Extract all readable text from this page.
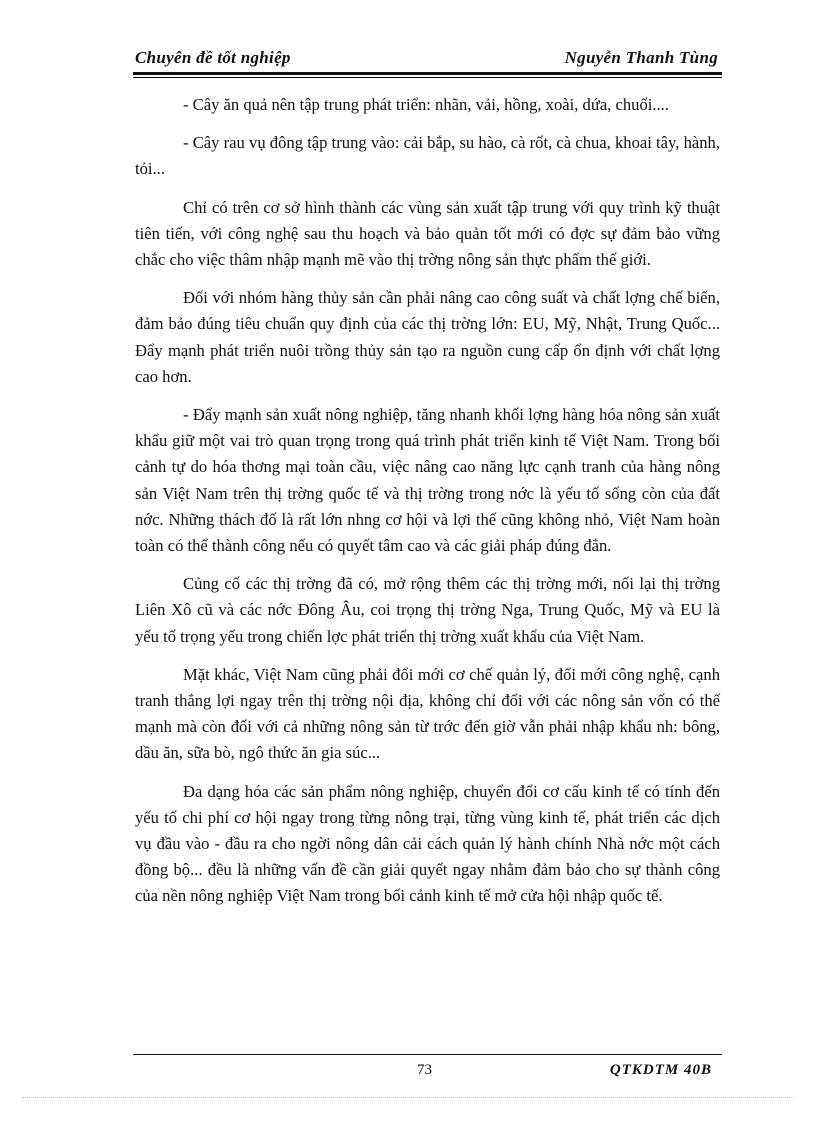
Chuyên đề tốt nghiệp	Nguyễn Thanh Tùng

- Cây ăn quả nên tập trung phát triển: nhãn, vải, hồng, xoài, dứa, chuối....

- Cây rau vụ đông tập trung vào: cải bắp, su hào, cà rốt, cà chua, khoai tây, hành, tỏi...

Chỉ có trên cơ sở hình thành các vùng sản xuất tập trung với quy trình kỹ thuật tiên tiến, với công nghệ sau thu hoạch và bảo quản tốt mới có đợc sự đảm bảo vững chắc cho việc thâm nhập mạnh mẽ vào thị trờng nông sản thực phẩm thế giới.

Đối với nhóm hàng thủy sản cần phải nâng cao công suất và chất lợng chế biến, đảm bảo đúng tiêu chuẩn quy định của các thị trờng lớn: EU, Mỹ, Nhật, Trung Quốc... Đẩy mạnh phát triển nuôi trồng thủy sản tạo ra nguồn cung cấp ổn định với chất lợng cao hơn.

- Đẩy mạnh sản xuất nông nghiệp, tăng nhanh khối lợng hàng hóa nông sản xuất khẩu giữ một vai trò quan trọng trong quá trình phát triển kinh tế Việt Nam. Trong bối cảnh tự do hóa thơng mại toàn cầu, việc nâng cao năng lực cạnh tranh của hàng nông sản Việt Nam trên thị trờng quốc tế và thị trờng trong nớc là yếu tố sống còn của đất nớc. Những thách đố là rất lớn nhng cơ hội và lợi thế cũng không nhỏ, Việt Nam hoàn toàn có thể thành công nếu có quyết tâm cao và các giải pháp đúng đắn.

Củng cố các thị trờng đã có, mở rộng thêm các thị trờng mới, nối lại thị trờng Liên Xô cũ và các nớc Đông Âu, coi trọng thị trờng Nga, Trung Quốc, Mỹ và EU là yếu tố trọng yếu trong chiến lợc phát triển thị trờng xuất khẩu của Việt Nam.

Mặt khác, Việt Nam cũng phải đổi mới cơ chế quản lý, đổi mới công nghệ, cạnh tranh thắng lợi ngay trên thị trờng nội địa, không chỉ đối với các nông sản vốn có thế mạnh mà còn đối với cả những nông sản từ trớc đến giờ vẫn phải nhập khẩu nh: bông, dầu ăn, sữa bò, ngô thức ăn gia súc...

Đa dạng hóa các sản phẩm nông nghiệp, chuyển đổi cơ cấu kinh tế có tính đến yếu tố chi phí cơ hội ngay trong từng nông trại, từng vùng kinh tế, phát triển các dịch vụ đầu vào - đầu ra cho ngời nông dân cải cách quản lý hành chính Nhà nớc một cách đồng bộ... đều là những vấn đề cần giải quyết ngay nhằm đảm bảo cho sự thành công của nền nông nghiệp Việt Nam trong bối cảnh kinh tế mở cửa hội nhập quốc tế.

73	QTKDTM 40B
